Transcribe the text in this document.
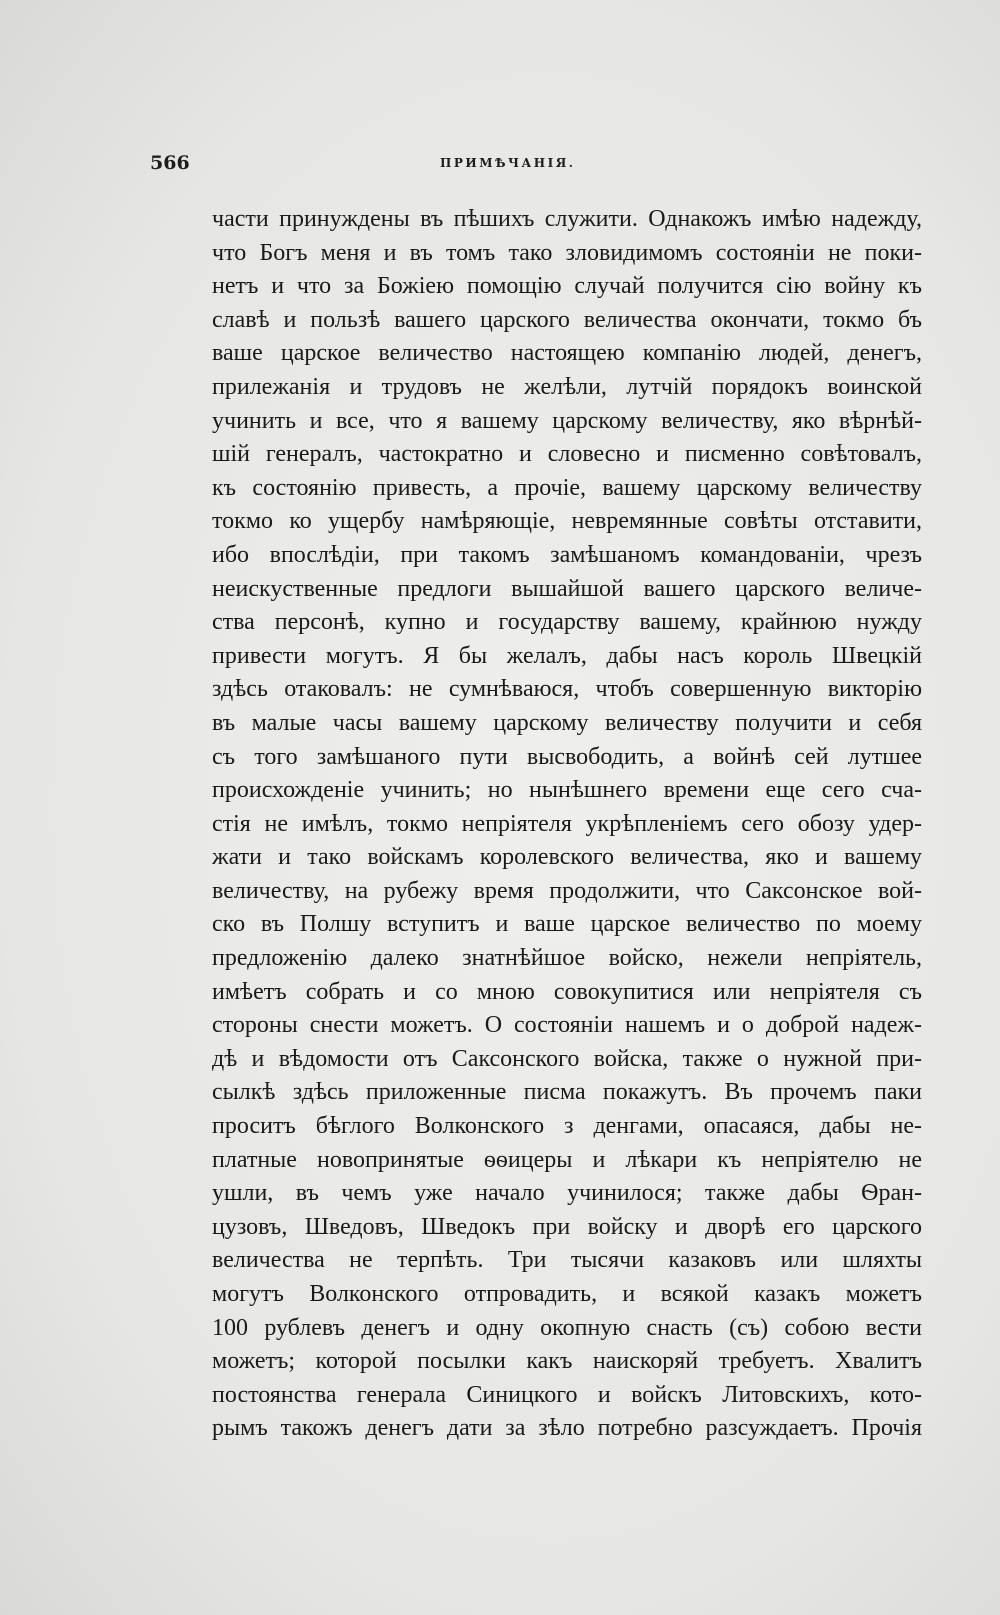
566	ПРИМѢЧАНІЯ.
части принуждены въ пѣшихъ служити. Однакожъ имѣю надежду,
что Богъ меня и въ томъ тако зловидимомъ состояніи не поки-
нетъ и что за Божіею помощію случай получится сію войну къ
славѣ и пользѣ вашего царского величества окончати, токмо бъ
ваше царское величество настоящею компанію людей, денегъ,
прилежанія и трудовъ не желѣли, лутчій порядокъ воинской
учинить и все, что я вашему царскому величеству, яко вѣрнѣй-
шій генералъ, частократно и словесно и писменно совѣтовалъ,
къ состоянію привесть, а прочіе, вашему царскому величеству
токмо ко ущербу намѣряющіе, невремянные совѣты отставити,
ибо впослѣдіи, при такомъ замѣшаномъ командованіи, чрезъ
неискуственные предлоги вышайшой вашего царского величе-
ства персонѣ, купно и государству вашему, крайнюю нужду
привести могутъ. Я бы желалъ, дабы насъ король Швецкій
здѣсь отаковалъ: не сумнѣваюся, чтобъ совершенную викторію
въ малые часы вашему царскому величеству получити и себя
съ того замѣшаного пути высвободить, а войнѣ сей лутшее
происхожденіе учинить; но нынѣшнего времени еще сего сча-
стія не имѣлъ, токмо непріятеля укрѣпленіемъ сего обозу удер-
жати и тако войскамъ королевского величества, яко и вашему
величеству, на рубежу время продолжити, что Саксонское вой-
ско въ Полшу вступитъ и ваше царское величество по моему
предложенію далеко знатнѣйшое войско, нежели непріятель,
имѣетъ собрать и со мною совокупитися или непріятеля съ
стороны снести можетъ. О состояніи нашемъ и о доброй надеж-
дѣ и вѣдомости отъ Саксонского войска, также о нужной при-
сылкѣ здѣсь приложенные писма покажутъ. Въ прочемъ паки
проситъ бѣглого Волконского з денгами, опасаяся, дабы не-
платные новопринятые ѳѳицеры и лѣкари къ непріятелю не
ушли, въ чемъ уже начало учинилося; также дабы Ѳран-
цузовъ, Шведовъ, Шведокъ при войску и дворѣ его царского
величества не терпѣть. Три тысячи казаковъ или шляхты
могутъ Волконского отпровадить, и всякой казакъ можетъ
100 рублевъ денегъ и одну окопную снасть (съ) собою вести
можетъ; которой посылки какъ наискоряй требуетъ. Хвалитъ
постоянства генерала Синицкого и войскъ Литовскихъ, кото-
рымъ такожъ денегъ дати за зѣло потребно разсуждаетъ. Прочія
